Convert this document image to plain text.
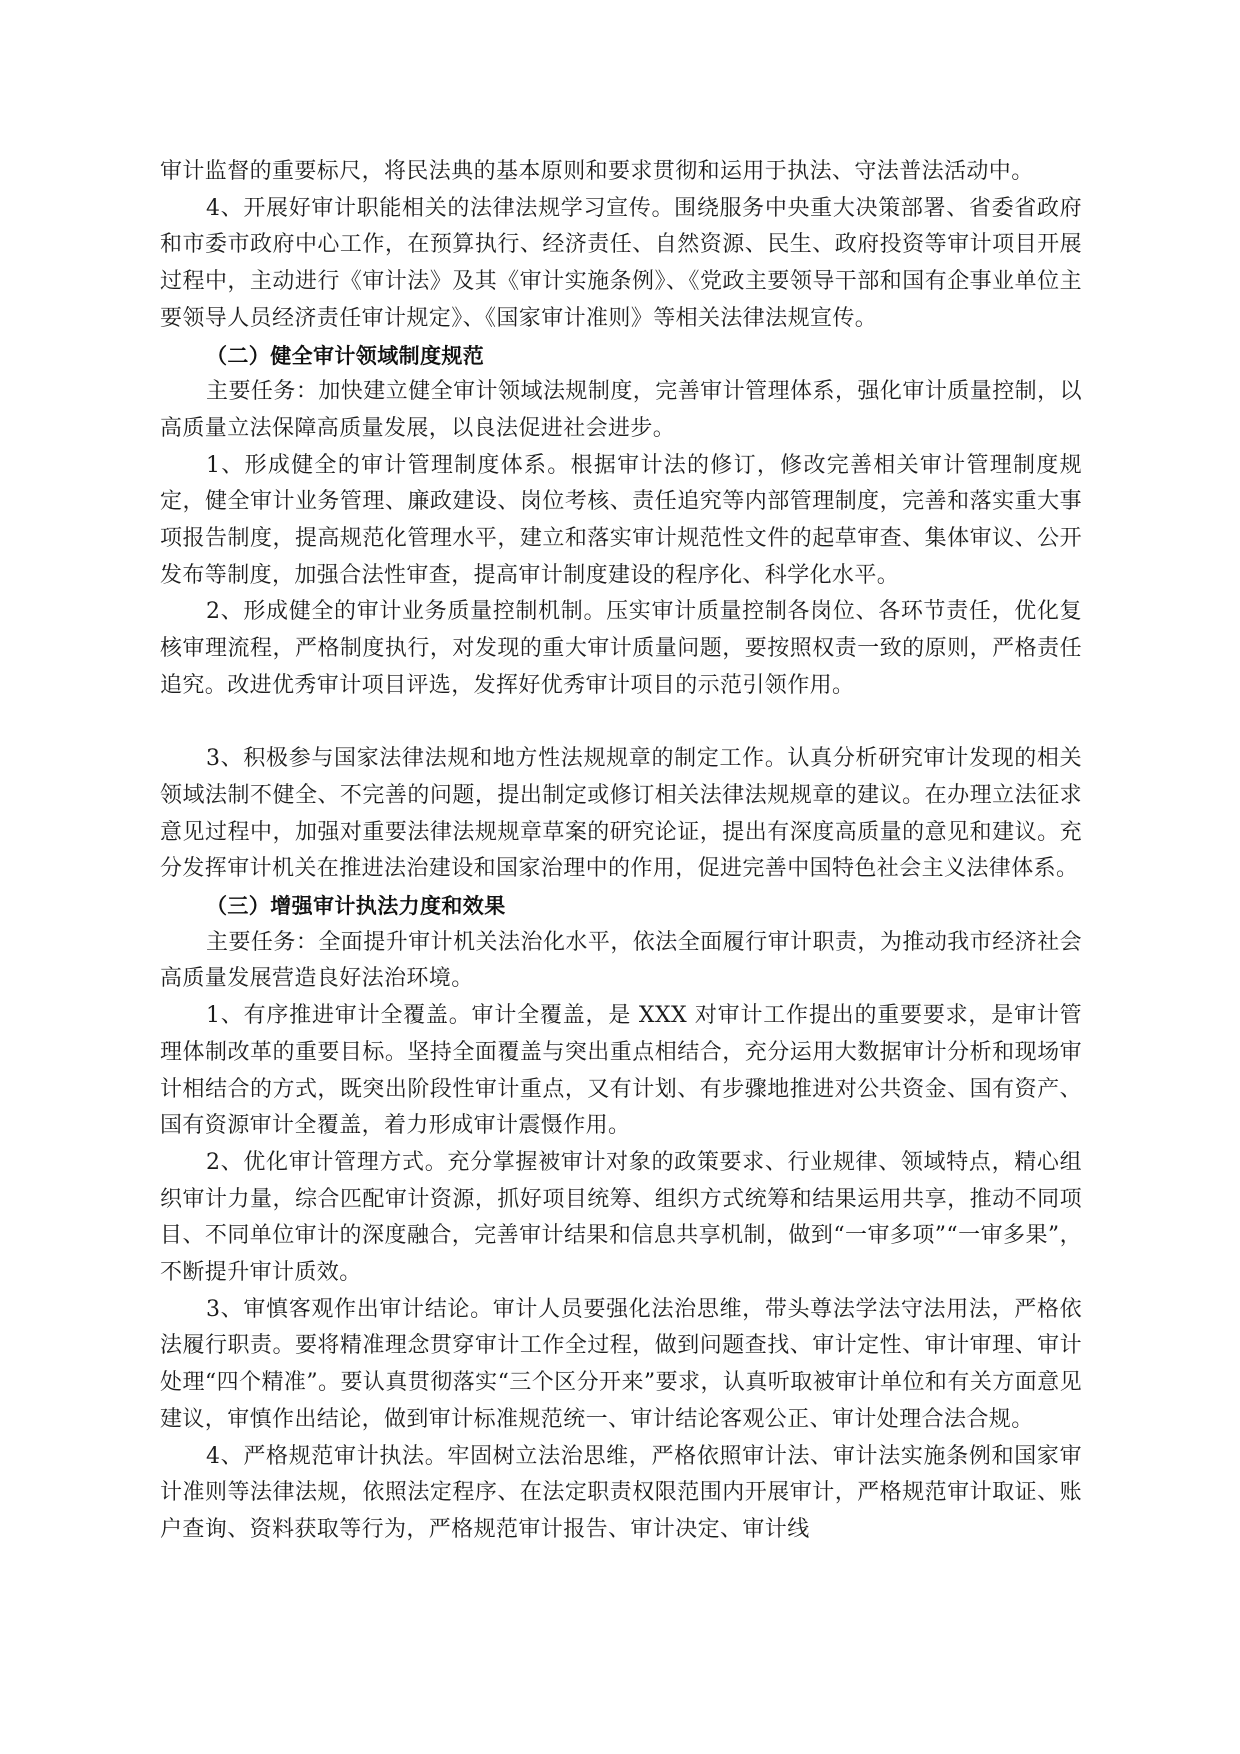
审计监督的重要标尺，将民法典的基本原则和要求贯彻和运用于执法、守法普法活动中。

4、开展好审计职能相关的法律法规学习宣传。围绕服务中央重大决策部署、省委省政府和市委市政府中心工作，在预算执行、经济责任、自然资源、民生、政府投资等审计项目开展过程中，主动进行《审计法》及其《审计实施条例》、《党政主要领导干部和国有企事业单位主要领导人员经济责任审计规定》、《国家审计准则》等相关法律法规宣传。

（二）健全审计领域制度规范

主要任务：加快建立健全审计领域法规制度，完善审计管理体系，强化审计质量控制，以高质量立法保障高质量发展，以良法促进社会进步。

1、形成健全的审计管理制度体系。根据审计法的修订，修改完善相关审计管理制度规定，健全审计业务管理、廉政建设、岗位考核、责任追究等内部管理制度，完善和落实重大事项报告制度，提高规范化管理水平，建立和落实审计规范性文件的起草审查、集体审议、公开发布等制度，加强合法性审查，提高审计制度建设的程序化、科学化水平。

2、形成健全的审计业务质量控制机制。压实审计质量控制各岗位、各环节责任，优化复核审理流程，严格制度执行，对发现的重大审计质量问题，要按照权责一致的原则，严格责任追究。改进优秀审计项目评选，发挥好优秀审计项目的示范引领作用。

3、积极参与国家法律法规和地方性法规规章的制定工作。认真分析研究审计发现的相关领域法制不健全、不完善的问题，提出制定或修订相关法律法规规章的建议。在办理立法征求意见过程中，加强对重要法律法规规章草案的研究论证，提出有深度高质量的意见和建议。充分发挥审计机关在推进法治建设和国家治理中的作用，促进完善中国特色社会主义法律体系。

（三）增强审计执法力度和效果

主要任务：全面提升审计机关法治化水平，依法全面履行审计职责，为推动我市经济社会高质量发展营造良好法治环境。

1、有序推进审计全覆盖。审计全覆盖，是 XXX 对审计工作提出的重要要求，是审计管理体制改革的重要目标。坚持全面覆盖与突出重点相结合，充分运用大数据审计分析和现场审计相结合的方式，既突出阶段性审计重点，又有计划、有步骤地推进对公共资金、国有资产、国有资源审计全覆盖，着力形成审计震慑作用。

2、优化审计管理方式。充分掌握被审计对象的政策要求、行业规律、领域特点，精心组织审计力量，综合匹配审计资源，抓好项目统筹、组织方式统筹和结果运用共享，推动不同项目、不同单位审计的深度融合，完善审计结果和信息共享机制，做到“一审多项”“一审多果”，不断提升审计质效。

3、审慎客观作出审计结论。审计人员要强化法治思维，带头尊法学法守法用法，严格依法履行职责。要将精准理念贯穿审计工作全过程，做到问题查找、审计定性、审计审理、审计处理“四个精准”。要认真贯彻落实“三个区分开来”要求，认真听取被审计单位和有关方面意见建议，审慎作出结论，做到审计标准规范统一、审计结论客观公正、审计处理合法合规。

4、严格规范审计执法。牢固树立法治思维，严格依照审计法、审计法实施条例和国家审计准则等法律法规，依照法定程序、在法定职责权限范围内开展审计，严格规范审计取证、账户查询、资料获取等行为，严格规范审计报告、审计决定、审计线
